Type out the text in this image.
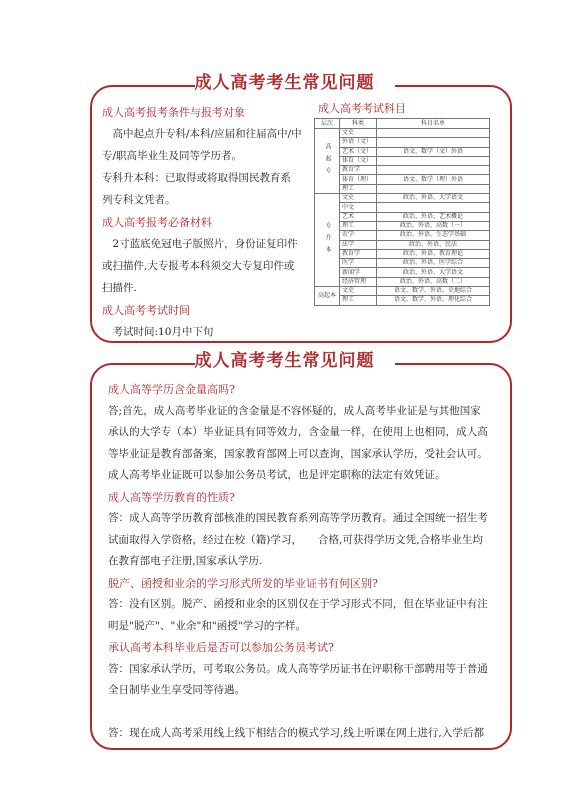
成人高考考生常见问题
成人高考报考条件与报考对象
　高中起点升专科/本科/应届和往届高中/中
专/职高毕业生及同等学历者。
专科升本科：已取得或将取得国民教育系
列专科文凭者。
成人高考报考必备材料
　2寸蓝底免冠电子版照片，身份证复印件
或扫描件,大专报考本科须交大专复印件或
扫描件.
成人高考考试时间
　考试时间:10月中下旬
成人高考考试科目
层次	科类	科目名单
高起专	文史	
	外语（文）	
	艺术（文）	语文、数学（文）外语
	体育（文）	
	教育学	
	体育（理）	语文、数学（理）外语
	理工	
专升本	文史	政治、外语、大学语文
	中文	
	艺术	政治、外语、艺术概论
	理工	政治、外语、高数（一）
	农学	政治、外语、生态学基础
	法学	政治、外语、民法
	教育学	政治、外语、教育理论
	医学	政治、外语、医学综合
	新闻学	政治、外语、大学语文
	经济管理	政治、外语、高数（二）
高起本	文史	语文、数学、外语、史地综合
	理工	语文、数学、外语、理化综合
成人高考考生常见问题
成人高等学历含金量高吗?
答;首先，成人高考毕业证的含金量是不容怀疑的，成人高考毕业证是与其他国家
承认的大学专（本）毕业证具有同等效力，含金量一样，在使用上也相同，成人高
等毕业证是教育部备案，国家教育部网上可以查询，国家承认学历，受社会认可。
成人高考毕业证既可以参加公务员考试，也是评定职称的法定有效凭证。
成人高等学历教育的性质?
答：成人高等学历教育部核准的国民教育系列高等学历教育。通过全国统一招生考
试面取得入学资格，经过在校（籍)学习，　　合格,可获得学历文凭,合格毕业生均
在教育部电子注册,国家承认学历.
脱产、函授和业余的学习形式所发的毕业证书有何区别?
答：没有区别。脱产、函授和业余的区别仅在于学习形式不同，但在毕业证中有注
明是"脱产"、"业余"和"函授"学习的字样。
承认高考本科毕业后是否可以参加公务员考试?
答：国家承认学历，可考取公务员。成人高等学历证书在评职称干部聘用等于普通
全日制毕业生享受同等待遇。
答：现在成人高考采用线上线下相结合的模式学习,线上听课在网上进行,入学后都
